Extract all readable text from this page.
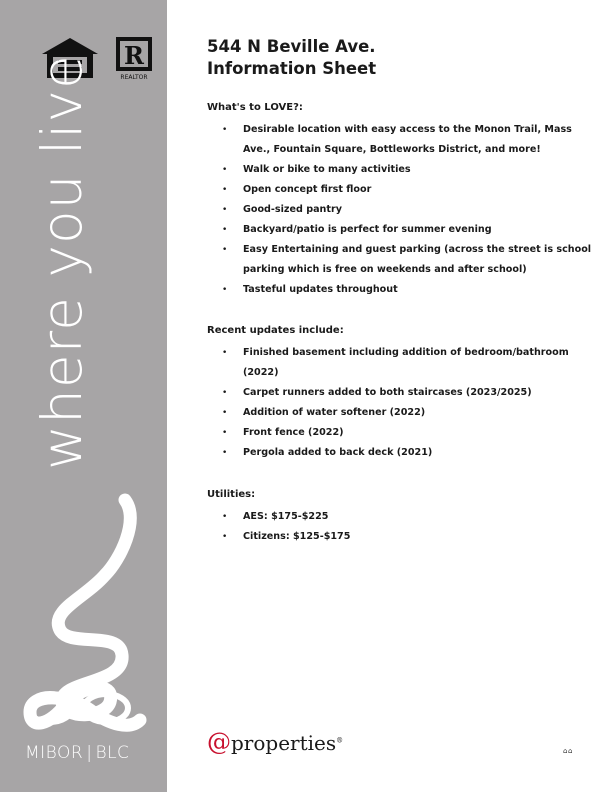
R
REALTOR
where you live
MIBOR | BLC
544 N Beville Ave.
Information Sheet
What's to LOVE?:
• Desirable location with easy access to the Monon Trail, Mass Ave., Fountain Square, Bottleworks District, and more!
• Walk or bike to many activities
• Open concept first floor
• Good-sized pantry
• Backyard/patio is perfect for summer evening
• Easy Entertaining and guest parking (across the street is school parking which is free on weekends and after school)
• Tasteful updates throughout
Recent updates include:
• Finished basement including addition of bedroom/bathroom (2022)
• Carpet runners added to both staircases (2023/2025)
• Addition of water softener (2022)
• Front fence (2022)
• Pergola added to back deck (2021)
Utilities:
• AES: $175-$225
• Citizens: $125-$175
@properties®
⌂⌂
